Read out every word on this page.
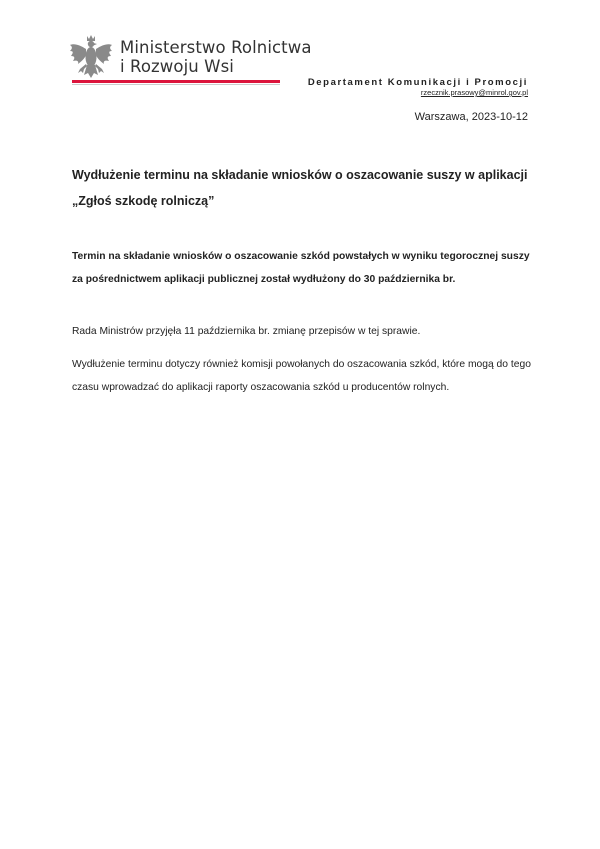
Ministerstwo Rolnictwa
i Rozwoju Wsi
Departament Komunikacji i Promocji
rzecznik.prasowy@minrol.gov.pl
Warszawa, 2023-10-12
Wydłużenie terminu na składanie wniosków o oszacowanie suszy w aplikacji „Zgłoś szkodę rolniczą”
Termin na składanie wniosków o oszacowanie szkód powstałych w wyniku tegorocznej suszy za pośrednictwem aplikacji publicznej został wydłużony do 30 października br.
Rada Ministrów przyjęła 11 października br. zmianę przepisów w tej sprawie.
Wydłużenie terminu dotyczy również komisji powołanych do oszacowania szkód, które mogą do tego czasu wprowadzać do aplikacji raporty oszacowania szkód u producentów rolnych.
